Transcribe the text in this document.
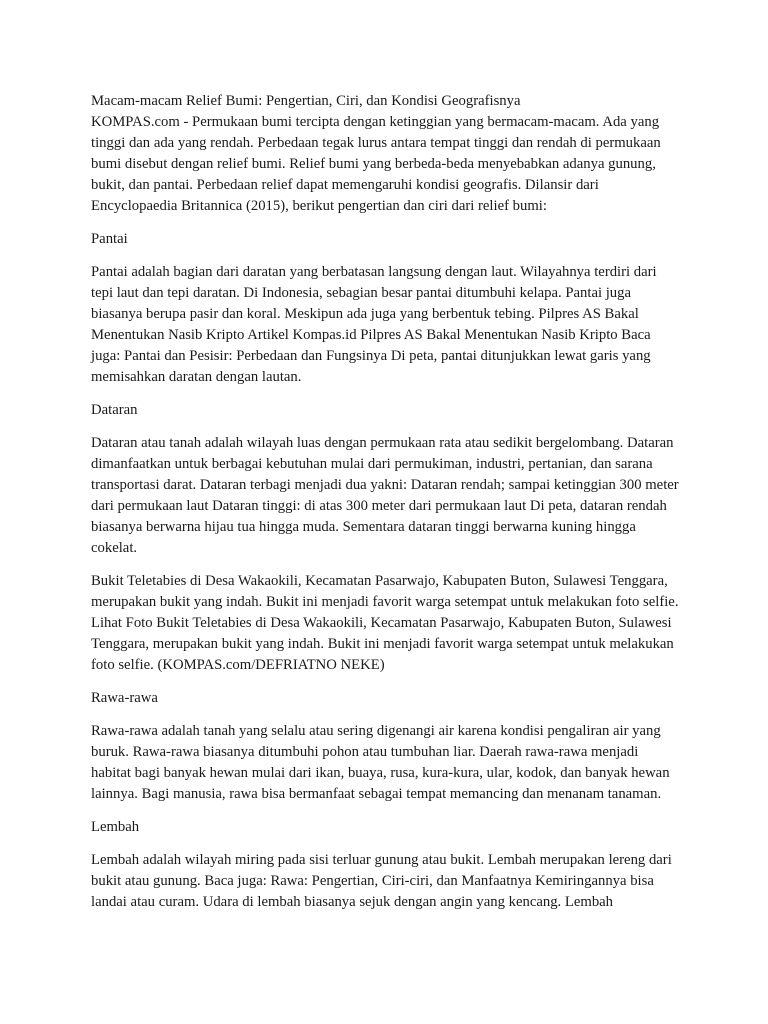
Macam-macam Relief Bumi: Pengertian, Ciri, dan Kondisi Geografisnya
KOMPAS.com - Permukaan bumi tercipta dengan ketinggian yang bermacam-macam. Ada yang tinggi dan ada yang rendah. Perbedaan tegak lurus antara tempat tinggi dan rendah di permukaan bumi disebut dengan relief bumi. Relief bumi yang berbeda-beda menyebabkan adanya gunung, bukit, dan pantai. Perbedaan relief dapat memengaruhi kondisi geografis. Dilansir dari Encyclopaedia Britannica (2015), berikut pengertian dan ciri dari relief bumi:

Pantai

Pantai adalah bagian dari daratan yang berbatasan langsung dengan laut. Wilayahnya terdiri dari tepi laut dan tepi daratan. Di Indonesia, sebagian besar pantai ditumbuhi kelapa. Pantai juga biasanya berupa pasir dan koral. Meskipun ada juga yang berbentuk tebing. Pilpres AS Bakal Menentukan Nasib Kripto Artikel Kompas.id Pilpres AS Bakal Menentukan Nasib Kripto Baca juga: Pantai dan Pesisir: Perbedaan dan Fungsinya Di peta, pantai ditunjukkan lewat garis yang memisahkan daratan dengan lautan.

Dataran

Dataran atau tanah adalah wilayah luas dengan permukaan rata atau sedikit bergelombang. Dataran dimanfaatkan untuk berbagai kebutuhan mulai dari permukiman, industri, pertanian, dan sarana transportasi darat. Dataran terbagi menjadi dua yakni: Dataran rendah; sampai ketinggian 300 meter dari permukaan laut Dataran tinggi: di atas 300 meter dari permukaan laut Di peta, dataran rendah biasanya berwarna hijau tua hingga muda. Sementara dataran tinggi berwarna kuning hingga cokelat.

Bukit Teletabies di Desa Wakaokili, Kecamatan Pasarwajo, Kabupaten Buton, Sulawesi Tenggara, merupakan bukit yang indah. Bukit ini menjadi favorit warga setempat untuk melakukan foto selfie. Lihat Foto Bukit Teletabies di Desa Wakaokili, Kecamatan Pasarwajo, Kabupaten Buton, Sulawesi Tenggara, merupakan bukit yang indah. Bukit ini menjadi favorit warga setempat untuk melakukan foto selfie. (KOMPAS.com/DEFRIATNO NEKE)

Rawa-rawa

Rawa-rawa adalah tanah yang selalu atau sering digenangi air karena kondisi pengaliran air yang buruk. Rawa-rawa biasanya ditumbuhi pohon atau tumbuhan liar. Daerah rawa-rawa menjadi habitat bagi banyak hewan mulai dari ikan, buaya, rusa, kura-kura, ular, kodok, dan banyak hewan lainnya. Bagi manusia, rawa bisa bermanfaat sebagai tempat memancing dan menanam tanaman.

Lembah

Lembah adalah wilayah miring pada sisi terluar gunung atau bukit. Lembah merupakan lereng dari bukit atau gunung. Baca juga: Rawa: Pengertian, Ciri-ciri, dan Manfaatnya Kemiringannya bisa landai atau curam. Udara di lembah biasanya sejuk dengan angin yang kencang. Lembah
